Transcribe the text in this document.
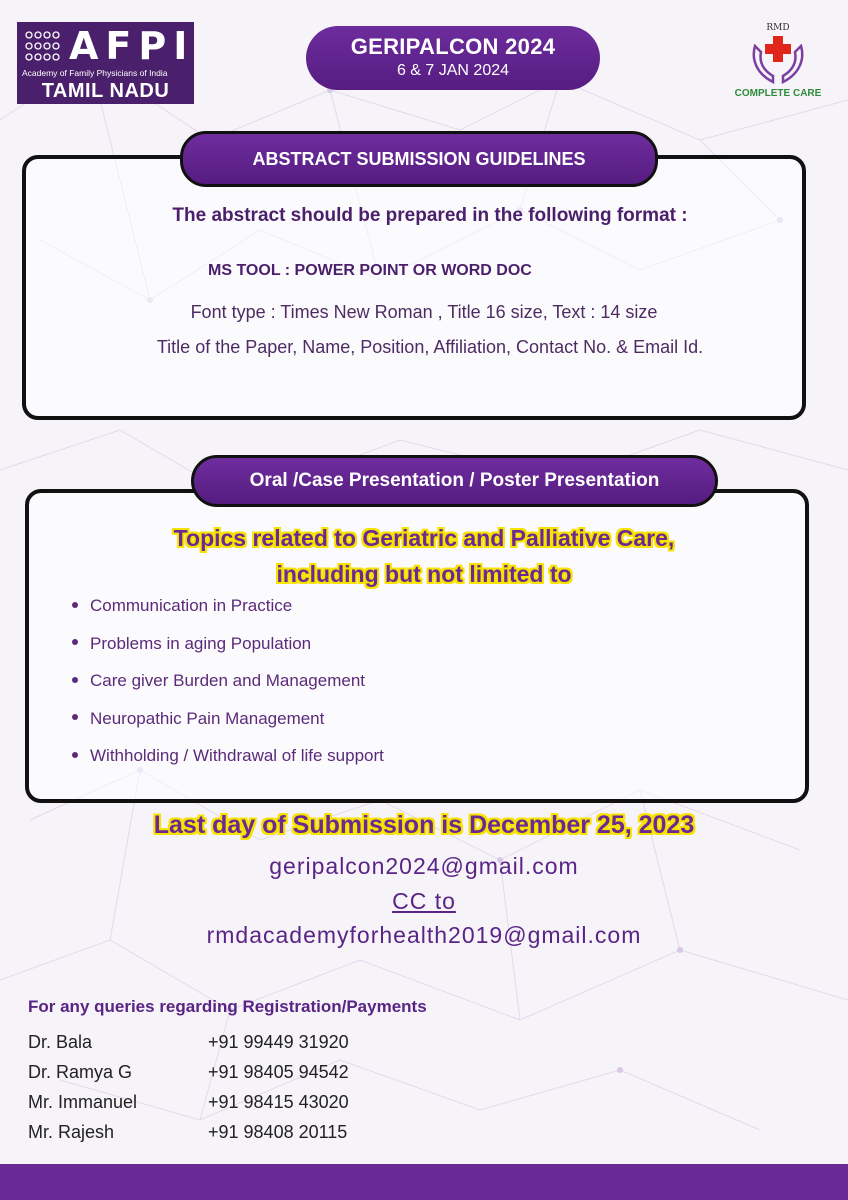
AFPI
Academy of Family Physicians of India
TAMIL NADU
GERIPALCON 2024
6 & 7 JAN 2024
RMD
COMPLETE CARE
ABSTRACT SUBMISSION GUIDELINES
The abstract should be prepared in the following format :
MS TOOL : POWER POINT OR WORD DOC
Font type : Times New Roman , Title 16 size, Text : 14 size
Title of the Paper, Name, Position, Affiliation, Contact No. & Email Id.
Oral /Case Presentation / Poster Presentation
Topics related to Geriatric and Palliative Care,
including but not limited to
Communication in Practice
Problems in aging Population
Care giver Burden and Management
Neuropathic Pain Management
Withholding / Withdrawal of life support
Last day of Submission is December 25, 2023
geripalcon2024@gmail.com
CC to
rmdacademyforhealth2019@gmail.com
For any queries regarding Registration/Payments
Dr. Bala	+91 99449 31920
Dr. Ramya G	+91 98405 94542
Mr. Immanuel	+91 98415 43020
Mr. Rajesh	+91 98408 20115
